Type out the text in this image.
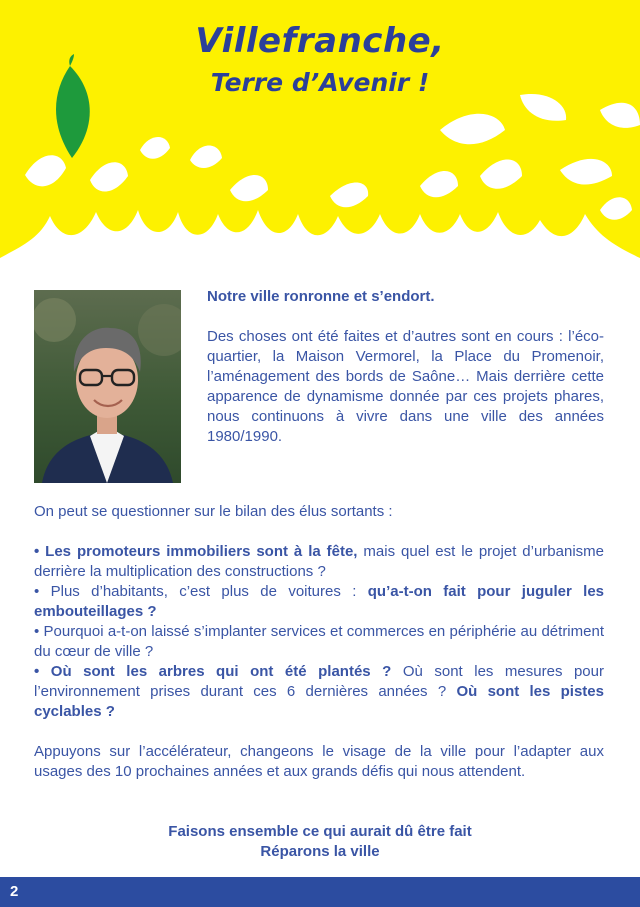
Villefranche,
Terre d’Avenir !

Notre ville ronronne et s’endort.

Des choses ont été faites et d’autres sont en cours : l’éco-quartier, la Maison Vermorel, la Place du Promenoir, l’aménagement des bords de Saône… Mais derrière cette apparence de dynamisme donnée par ces projets phares, nous continuons à vivre dans une ville des années 1980/1990.

On peut se questionner sur le bilan des élus sortants :

• Les promoteurs immobiliers sont à la fête, mais quel est le projet d’urbanisme derrière la multiplication des constructions ?

• Plus d’habitants, c’est plus de voitures : qu’a-t-on fait pour juguler les embouteillages ?

• Pourquoi a-t-on laissé s’implanter services et commerces en périphérie au détriment du cœur de ville ?

• Où sont les arbres qui ont été plantés ? Où sont les mesures pour l’environnement prises durant ces 6 dernières années ? Où sont les pistes cyclables ?

Appuyons sur l’accélérateur, changeons le visage de la ville pour l’adapter aux usages des 10 prochaines années et aux grands défis qui nous attendent.

Faisons ensemble ce qui aurait dû être fait
Réparons la ville
2
